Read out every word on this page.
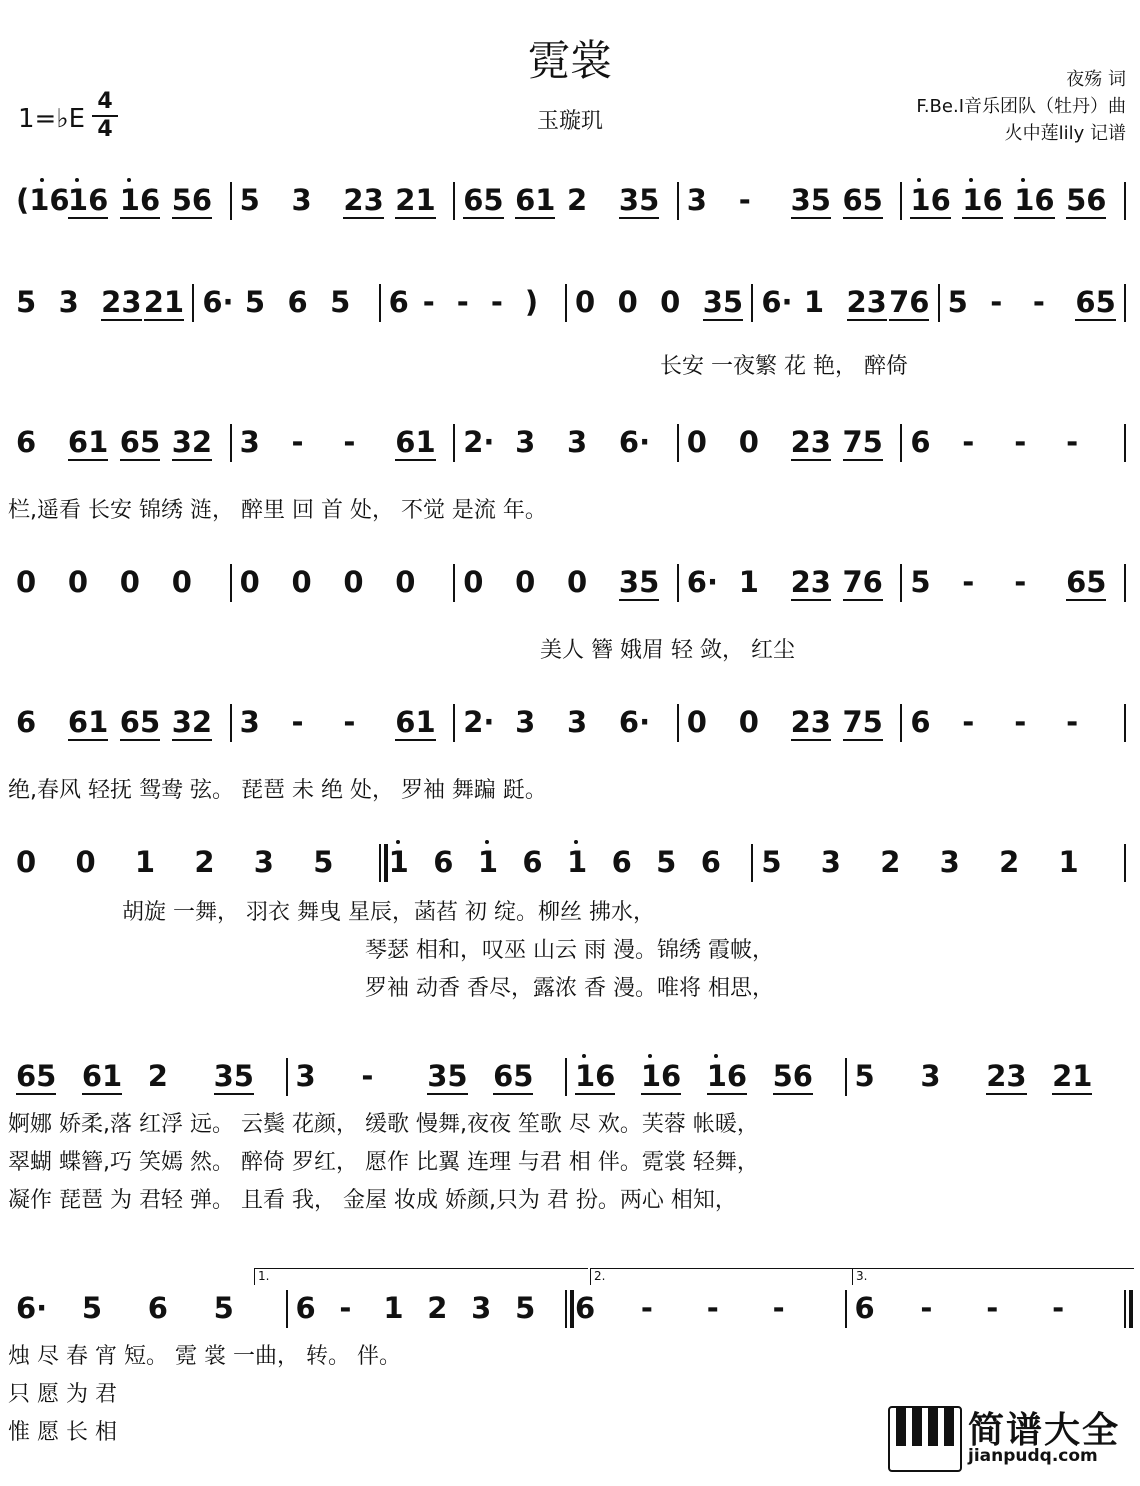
霓裳
1=♭E
4
4	玉璇玑
夜殇 词
F.Be.I音乐团队（牡丹）曲
火中莲lily 记谱
(16
16 16 56 5 3 23 21 65 61 2 35 3 - 35 65 16 16 16 56
5 3 23 21 6· 5 6 5 6 - - - ) 0 0 0 35 6· 1 23 76 5 - - 65
长安 一夜繁 花 艳， 醉倚
6 61 65 32 3 - - 61 2· 3 3 6· 0 0 23 75 6 - - -
栏,遥看 长安 锦绣 涟， 醉里 回 首 处， 不觉 是流 年。
0 0 0 0 0 0 0 0 0 0 0 35 6· 1 23 76 5 - - 65
美人 簪 娥眉 轻 敛， 红尘
6 61 65 32 3 - - 61 2· 3 3 6· 0 0 23 75 6 - - -
绝,春风 轻抚 鸳鸯 弦。 琵琶 未 绝 处， 罗袖 舞蹁 跹。
0 0 1 2 3 5 1 6 1 6 1 6 5 6 5 3 2 3 2 1
胡旋 一舞， 羽衣 舞曳 星辰，菡萏 初 绽。柳丝 拂水，
琴瑟 相和，叹巫 山云 雨 漫。锦绣 霞帔，
罗袖 动香 香尽，露浓 香 漫。唯将 相思，
65 61 2 35 3 - 35 65 16 16 16 56 5 3 23 21
婀娜 娇柔,落 红浮 远。 云鬓 花颜， 缓歌 慢舞,夜夜 笙歌 尽 欢。芙蓉 帐暖，
翠蝴 蝶簪,巧 笑嫣 然。 醉倚 罗红， 愿作 比翼 连理 与君 相 伴。霓裳 轻舞，
凝作 琵琶 为 君轻 弹。 且看 我， 金屋 妆成 娇颜,只为 君 扮。两心 相知，
6· 5 6 5 6 - 1 2 3 5 6 - - - 6 - - -
烛 尽 春 宵 短。 霓 裳 一曲， 转。 伴。
只 愿 为 君
惟 愿 长 相	简谱大全
jianpudq.com
1.	2.	3.
